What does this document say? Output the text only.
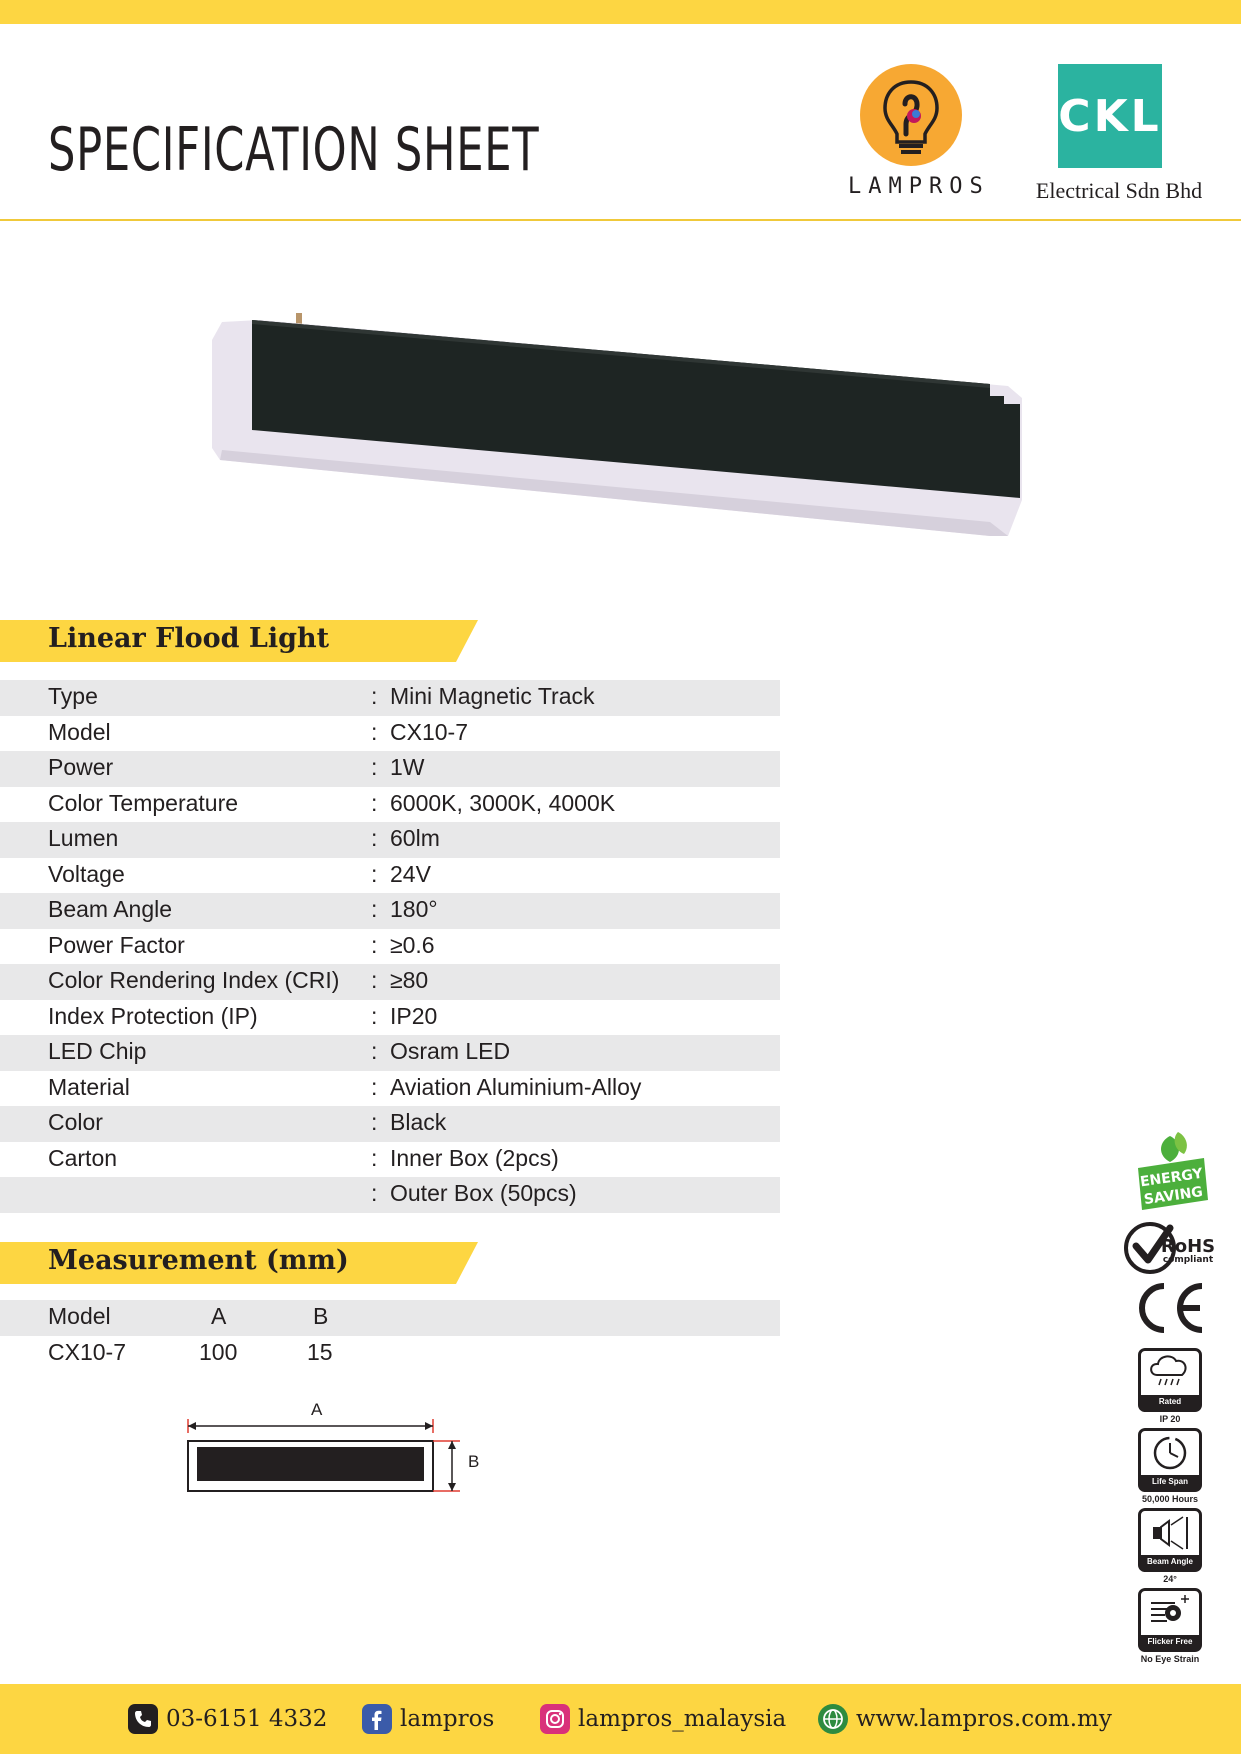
SPECIFICATION SHEET
LAMPROS
CKL
Electrical Sdn Bhd
Linear Flood Light
Type	: Mini Magnetic Track
Model	: CX10-7
Power	: 1W
Color Temperature	: 6000K, 3000K, 4000K
Lumen	: 60lm
Voltage	: 24V
Beam Angle	: 180°
Power Factor	: ≥0.6
Color Rendering Index (CRI) : ≥80
Index Protection (IP)	: IP20
LED Chip	: Osram LED
Material	: Aviation Aluminium-Alloy
Color	: Black
Carton	: Inner Box (2pcs)
: Outer Box (50pcs)
Measurement (mm)
Model	A	B
CX10-7	100	15
A
B
ENERGY
SAVING
RoHS
compliant
Rated
IP 20
Life Span
50,000 Hours
Beam Angle
24°
Flicker Free
No Eye Strain
03-6151 4332	lampros	lampros_malaysia	www.lampros.com.my
